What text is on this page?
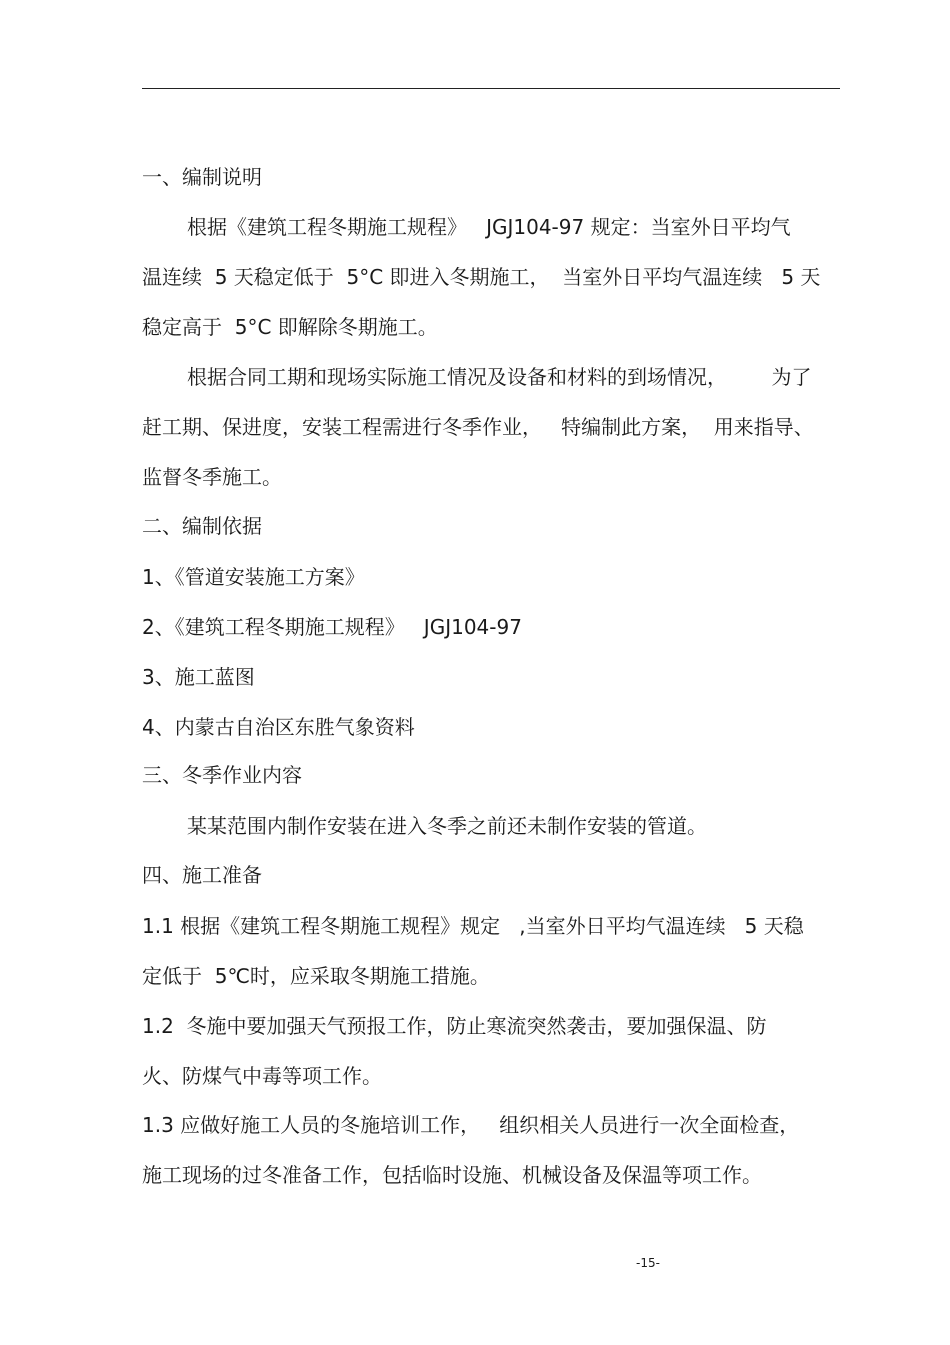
一、编制说明

根据《建筑工程冬期施工规程》   JGJ104-97 规定：当室外日平均气

温连续  5 天稳定低于  5°C 即进入冬期施工，  当室外日平均气温连续   5 天

稳定高于  5°C 即解除冬期施工。

根据合同工期和现场实际施工情况及设备和材料的到场情况，       为了

赶工期、保进度，安装工程需进行冬季作业，   特编制此方案，  用来指导、

监督冬季施工。

二、编制依据

1、《管道安装施工方案》

2、《建筑工程冬期施工规程》   JGJ104-97

3、施工蓝图

4、内蒙古自治区东胜气象资料

三、冬季作业内容

某某范围内制作安装在进入冬季之前还未制作安装的管道。

四、施工准备

1.1 根据《建筑工程冬期施工规程》规定   ,当室外日平均气温连续   5 天稳

定低于  5℃时，应采取冬期施工措施。

1.2  冬施中要加强天气预报工作，防止寒流突然袭击，要加强保温、防

火、防煤气中毒等项工作。

1.3 应做好施工人员的冬施培训工作，   组织相关人员进行一次全面检查，

施工现场的过冬准备工作，包括临时设施、机械设备及保温等项工作。

-15-
